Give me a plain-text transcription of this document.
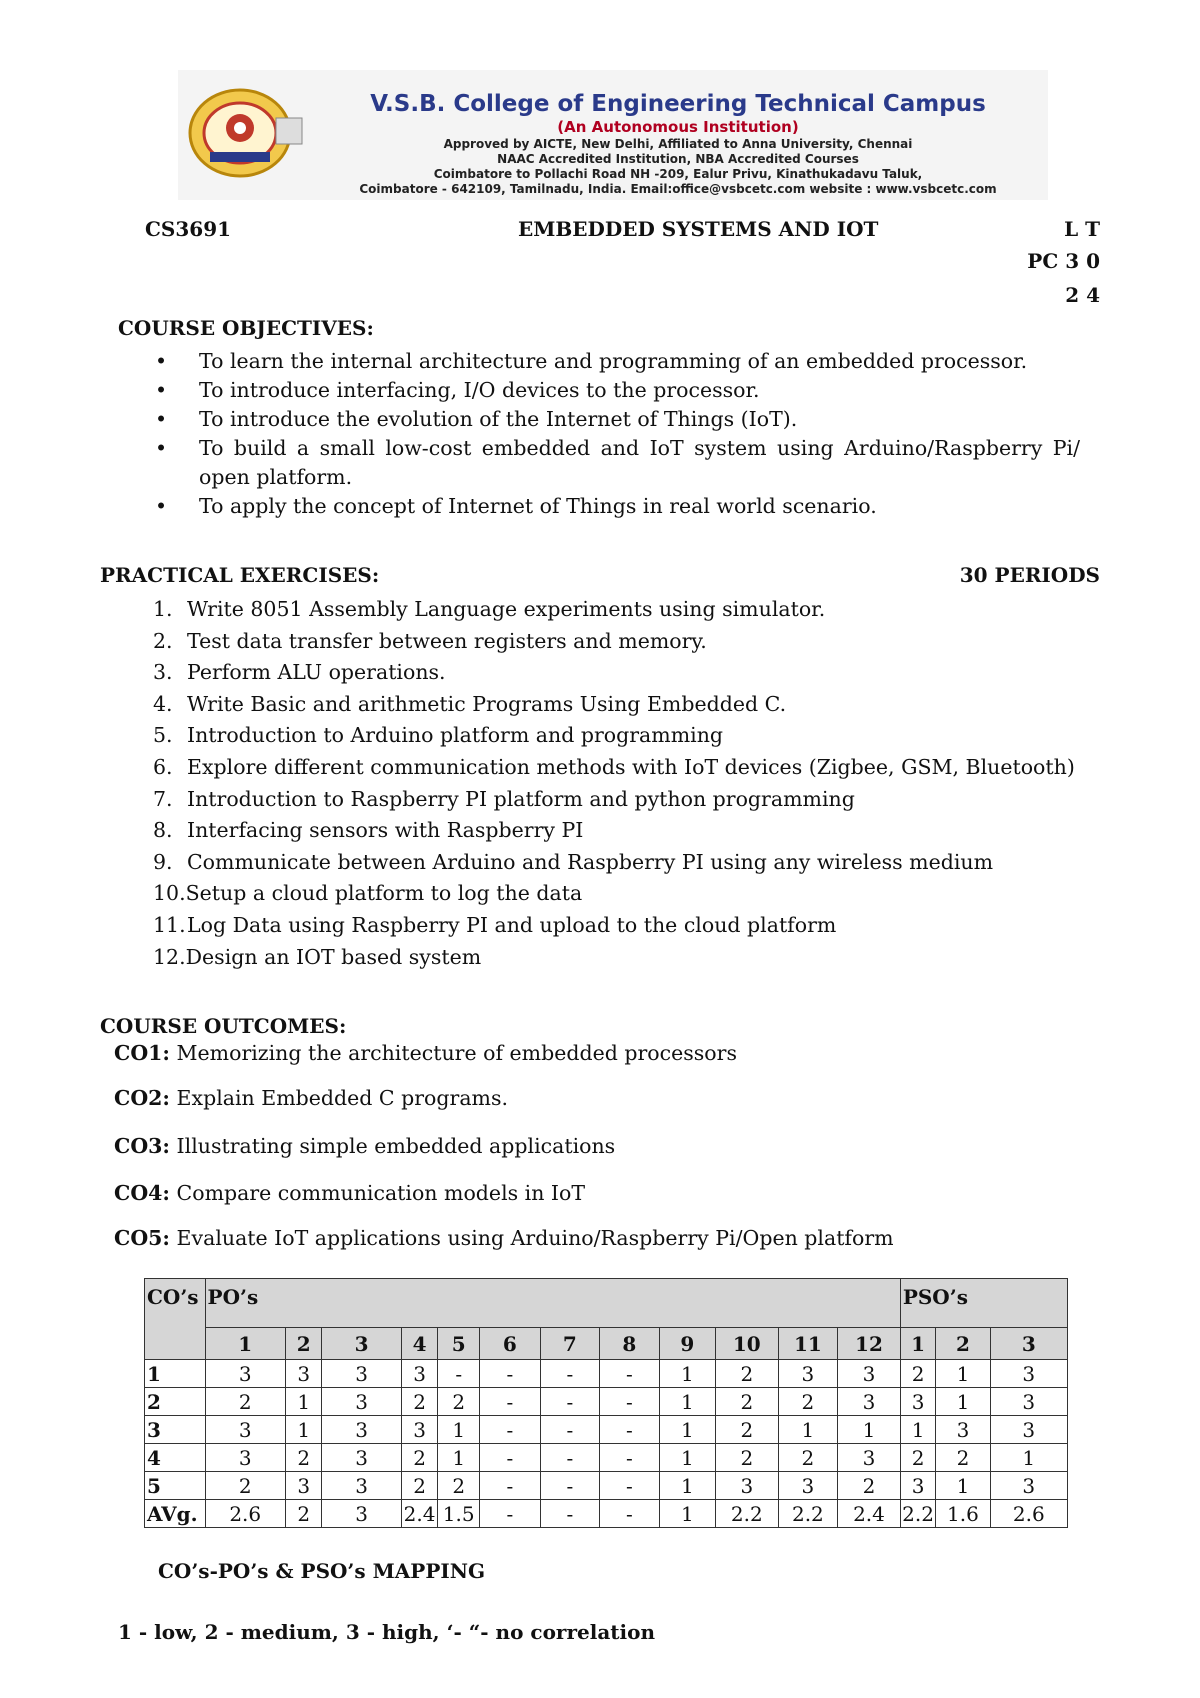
V.S.B. College of Engineering Technical Campus
(An Autonomous Institution)
Approved by AICTE, New Delhi, Affiliated to Anna University, Chennai
NAAC Accredited Institution, NBA Accredited Courses
Coimbatore to Pollachi Road NH -209, Ealur Privu, Kinathukadavu Taluk,
Coimbatore - 642109, Tamilnadu, India. Email:office@vsbcetc.com website : www.vsbcetc.com
CS3691	EMBEDDED SYSTEMS AND IOT	L T
PC 3 0
2 4
COURSE OBJECTIVES:
• To learn the internal architecture and programming of an embedded processor.
• To introduce interfacing, I/O devices to the processor.
• To introduce the evolution of the Internet of Things (IoT).
• To build a small low-cost embedded and IoT system using Arduino/Raspberry Pi/ open platform.
• To apply the concept of Internet of Things in real world scenario.
PRACTICAL EXERCISES:	30 PERIODS
1. Write 8051 Assembly Language experiments using simulator.
2. Test data transfer between registers and memory.
3. Perform ALU operations.
4. Write Basic and arithmetic Programs Using Embedded C.
5. Introduction to Arduino platform and programming
6. Explore different communication methods with IoT devices (Zigbee, GSM, Bluetooth)
7. Introduction to Raspberry PI platform and python programming
8. Interfacing sensors with Raspberry PI
9. Communicate between Arduino and Raspberry PI using any wireless medium
10.Setup a cloud platform to log the data
11.Log Data using Raspberry PI and upload to the cloud platform
12.Design an IOT based system
COURSE OUTCOMES:
CO1: Memorizing the architecture of embedded processors
CO2: Explain Embedded C programs.
CO3: Illustrating simple embedded applications
CO4: Compare communication models in IoT
CO5: Evaluate IoT applications using Arduino/Raspberry Pi/Open platform
CO’s	PO’s												PSO’s		
	1	2	3	4	5	6	7	8	9	10	11	12	1	2	3
1	3	3	3	3	-	-	-	-	1	2	3	3	2	1	3
2	2	1	3	2	2	-	-	-	1	2	2	3	3	1	3
3	3	1	3	3	1	-	-	-	1	2	1	1	1	3	3
4	3	2	3	2	1	-	-	-	1	2	2	3	2	2	1
5	2	3	3	2	2	-	-	-	1	3	3	2	3	1	3
AVg.	2.6	2	3	2.4	1.5	-	-	-	1	2.2	2.2	2.4	2.2	1.6	2.6
CO’s-PO’s & PSO’s MAPPING
1 - low, 2 - medium, 3 - high, ‘- “- no correlation
